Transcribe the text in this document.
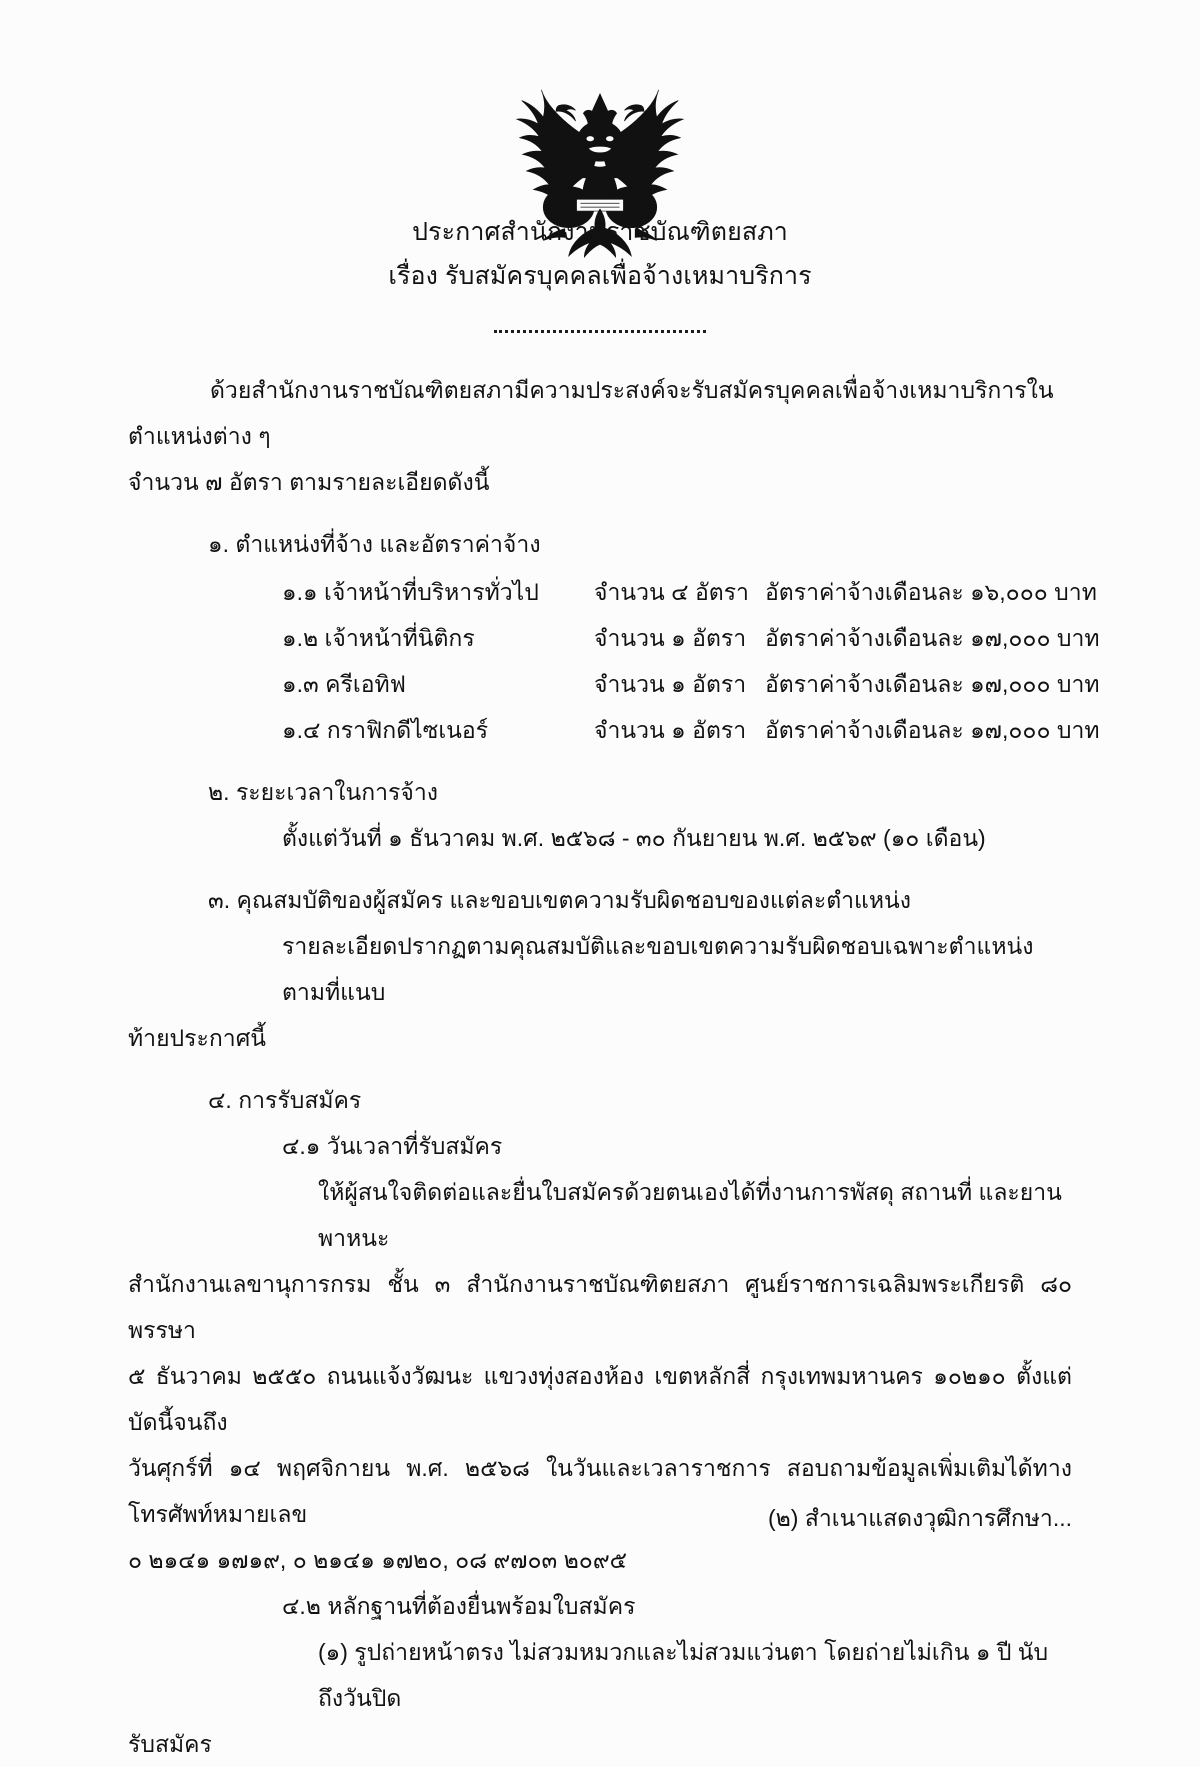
ประกาศสำนักงานราชบัณฑิตยสภา
เรื่อง รับสมัครบุคคลเพื่อจ้างเหมาบริการ

ด้วยสำนักงานราชบัณฑิตยสภามีความประสงค์จะรับสมัครบุคคลเพื่อจ้างเหมาบริการในตำแหน่งต่าง ๆ

จำนวน ๗ อัตรา ตามรายละเอียดดังนี้

๑. ตำแหน่งที่จ้าง และอัตราค่าจ้าง

๑.๑ เจ้าหน้าที่บริหารทั่วไป	จำนวน ๔ อัตรา	อัตราค่าจ้างเดือนละ ๑๖,๐๐๐ บาท
๑.๒ เจ้าหน้าที่นิติกร	จำนวน ๑ อัตรา	อัตราค่าจ้างเดือนละ ๑๗,๐๐๐ บาท
๑.๓ ครีเอทิฟ	จำนวน ๑ อัตรา	อัตราค่าจ้างเดือนละ ๑๗,๐๐๐ บาท
๑.๔ กราฟิกดีไซเนอร์	จำนวน ๑ อัตรา	อัตราค่าจ้างเดือนละ ๑๗,๐๐๐ บาท

๒. ระยะเวลาในการจ้าง

ตั้งแต่วันที่ ๑ ธันวาคม พ.ศ. ๒๕๖๘ - ๓๐ กันยายน พ.ศ. ๒๕๖๙ (๑๐ เดือน)

๓. คุณสมบัติของผู้สมัคร และขอบเขตความรับผิดชอบของแต่ละตำแหน่ง

รายละเอียดปรากฏตามคุณสมบัติและขอบเขตความรับผิดชอบเฉพาะตำแหน่ง ตามที่แนบ

ท้ายประกาศนี้

๔. การรับสมัคร

๔.๑ วันเวลาที่รับสมัคร

ให้ผู้สนใจติดต่อและยื่นใบสมัครด้วยตนเองได้ที่งานการพัสดุ สถานที่ และยานพาหนะ

สำนักงานเลขานุการกรม ชั้น ๓ สำนักงานราชบัณฑิตยสภา ศูนย์ราชการเฉลิมพระเกียรติ ๘๐ พรรษา

๕ ธันวาคม ๒๕๕๐ ถนนแจ้งวัฒนะ แขวงทุ่งสองห้อง เขตหลักสี่ กรุงเทพมหานคร ๑๐๒๑๐ ตั้งแต่บัดนี้จนถึง

วันศุกร์ที่ ๑๔ พฤศจิกายน พ.ศ. ๒๕๖๘ ในวันและเวลาราชการ สอบถามข้อมูลเพิ่มเติมได้ทางโทรศัพท์หมายเลข

๐ ๒๑๔๑ ๑๗๑๙, ๐ ๒๑๔๑ ๑๗๒๐, ๐๘ ๙๗๐๓ ๒๐๙๕

๔.๒ หลักฐานที่ต้องยื่นพร้อมใบสมัคร

(๑) รูปถ่ายหน้าตรง ไม่สวมหมวกและไม่สวมแว่นตา โดยถ่ายไม่เกิน ๑ ปี นับถึงวันปิด

รับสมัคร

(๒) สำเนาแสดงวุฒิการศึกษา...
